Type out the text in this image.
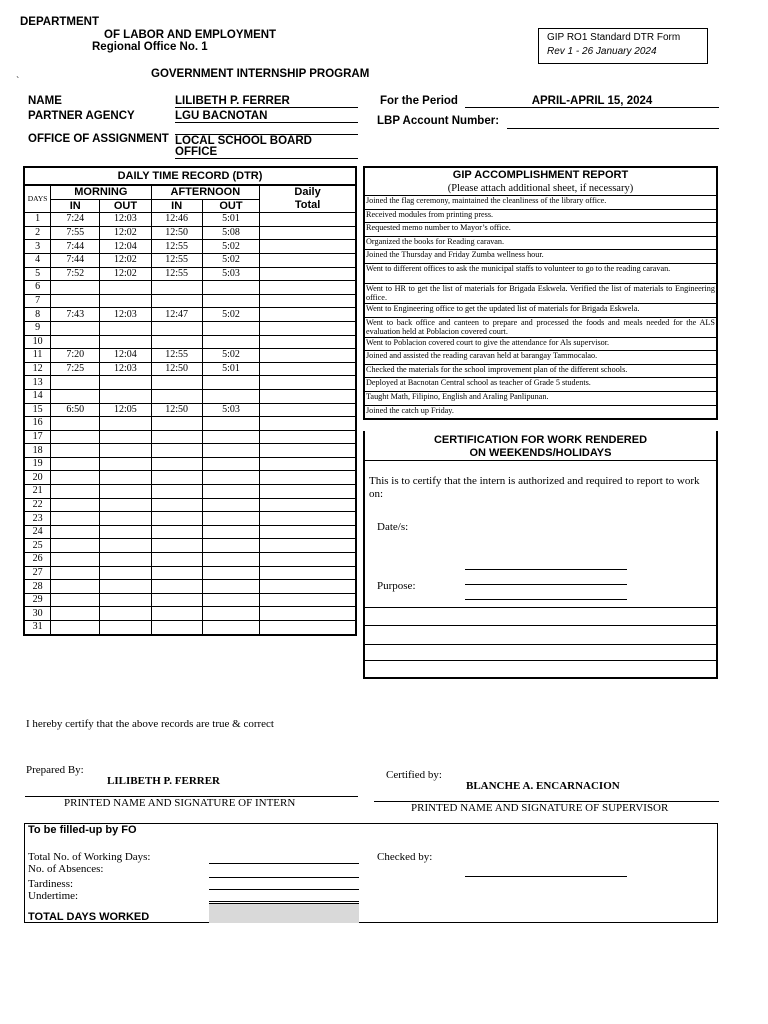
DEPARTMENT
OF LABOR AND EMPLOYMENT
Regional Office No. 1
`
GOVERNMENT INTERNSHIP PROGRAM
GIP RO1 Standard DTR Form
Rev 1 - 26 January 2024
NAME	LILIBETH P. FERRER
PARTNER AGENCY	LGU BACNOTAN
OFFICE OF ASSIGNMENT LOCAL SCHOOL BOARD
OFFICE
For the Period	APRIL-APRIL 15, 2024
LBP Account Number:
DAILY TIME RECORD (DTR)					
DAYS	MORNING		AFTERNOON		Daily
Total
	IN	OUT	IN	OUT	
1	7:24	12:03	12:46	5:01	
2	7:55	12:02	12:50	5:08	
3	7:44	12:04	12:55	5:02	
4	7:44	12:02	12:55	5:02	
5	7:52	12:02	12:55	5:03	
6					
7					
8	7:43	12:03	12:47	5:02	
9					
10					
11	7:20	12:04	12:55	5:02	
12	7:25	12:03	12:50	5:01	
13					
14					
15	6:50	12:05	12:50	5:03	
16					
17					
18					
19					
20					
21					
22					
23					
24					
25					
26					
27					
28					
29					
30					
31					
GIP ACCOMPLISHMENT REPORT
(Please attach additional sheet, if necessary)

Joined the flag ceremony, maintained the cleanliness of the library office.
Received modules from printing press.
Requested memo number to Mayor’s office.
Organized the books for Reading caravan.
Joined the Thursday and Friday Zumba wellness hour.
Went to different offices to ask the municipal staffs to volunteer to go to the reading caravan.
Went to HR to get the list of materials for Brigada Eskwela. Verified the list of materials to Engineering office.
Went to Engineering office to get the updated list of materials for Brigada Eskwela.
Went to back office and canteen to prepare and processed the foods and meals needed for the ALS evaluation held at Poblacion covered court.
Went to Poblacion covered court to give the attendance for Als supervisor.
Joined and assisted the reading caravan held at barangay Tammocalao.
Checked the materials for the school improvement plan of the different schools.
Deployed at Bacnotan Central school as teacher of Grade 5 students.
Taught Math, Filipino, English and Araling Panlipunan.
Joined the catch up Friday.
CERTIFICATION FOR WORK RENDERED
ON WEEKENDS/HOLIDAYS
This is to certify that the intern is authorized and required to report to work on:
Date/s:
Purpose:
I hereby certify that the above records are true & correct
Prepared By:
LILIBETH P. FERRER
PRINTED NAME AND SIGNATURE OF INTERN
Certified by:
BLANCHE A. ENCARNACION
PRINTED NAME AND SIGNATURE OF SUPERVISOR
To be filled-up by FO
Total No. of Working Days:
No. of Absences:
Tardiness:
Undertime:
TOTAL DAYS WORKED
Checked by:
